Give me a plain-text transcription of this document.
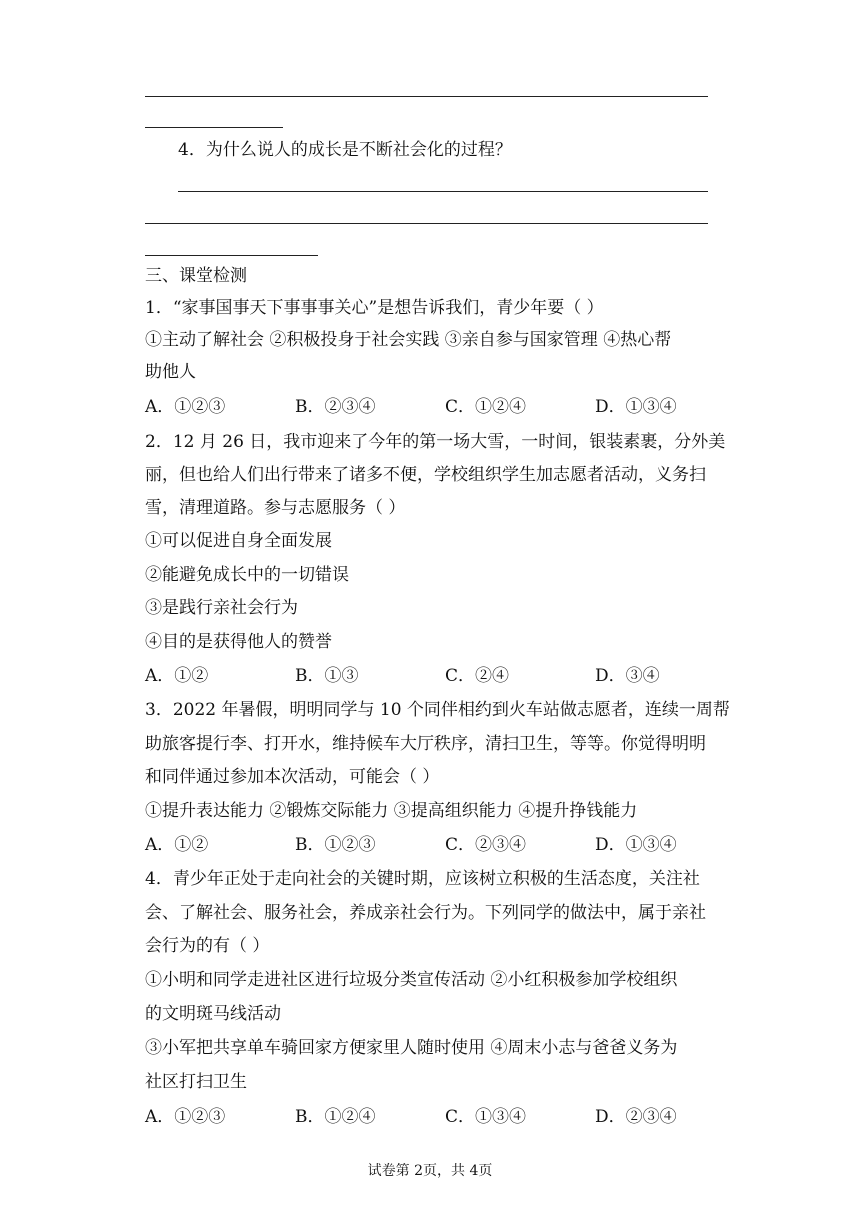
4．为什么说人的成长是不断社会化的过程？
三、课堂检测
1．“家事国事天下事事事关心”是想告诉我们，青少年要（ ）
①主动了解社会 ②积极投身于社会实践 ③亲自参与国家管理 ④热心帮
助他人
A．①②③	B．②③④	C．①②④	D．①③④
2．12 月 26 日，我市迎来了今年的第一场大雪，一时间，银装素裹，分外美
丽，但也给人们出行带来了诸多不便，学校组织学生加志愿者活动，义务扫
雪，清理道路。参与志愿服务（ ）
①可以促进自身全面发展
②能避免成长中的一切错误
③是践行亲社会行为
④目的是获得他人的赞誉
A．①②	B．①③	C．②④	D．③④
3．2022 年暑假，明明同学与 10 个同伴相约到火车站做志愿者，连续一周帮
助旅客提行李、打开水，维持候车大厅秩序，清扫卫生，等等。你觉得明明
和同伴通过参加本次活动，可能会（ ）
①提升表达能力 ②锻炼交际能力 ③提高组织能力 ④提升挣钱能力
A．①②	B．①②③	C．②③④	D．①③④
4．青少年正处于走向社会的关键时期，应该树立积极的生活态度，关注社
会、了解社会、服务社会，养成亲社会行为。下列同学的做法中，属于亲社
会行为的有（ ）
①小明和同学走进社区进行垃圾分类宣传活动 ②小红积极参加学校组织
的文明斑马线活动
③小军把共享单车骑回家方便家里人随时使用 ④周末小志与爸爸义务为
社区打扫卫生
A．①②③	B．①②④	C．①③④	D．②③④
试卷第 2页，共 4页
